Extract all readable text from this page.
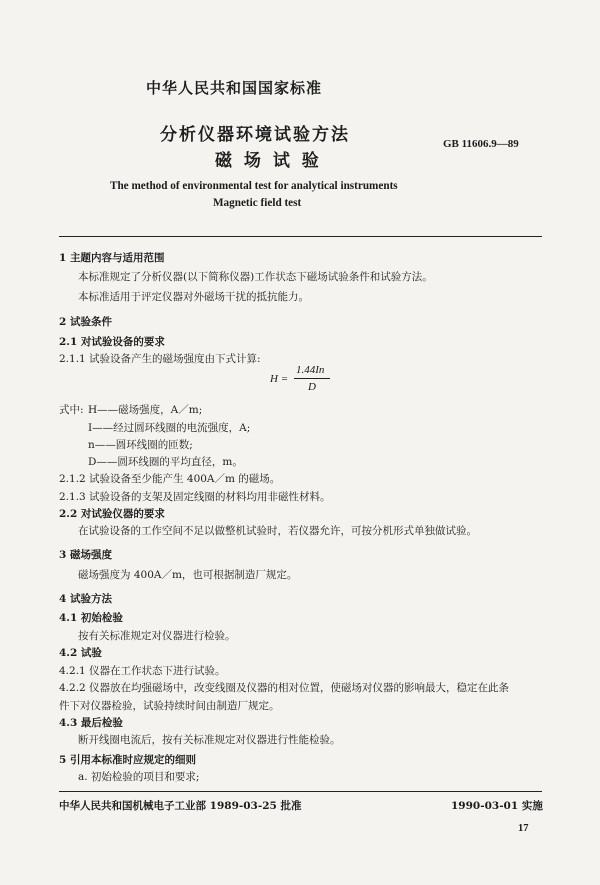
中华人民共和国国家标准
分析仪器环境试验方法
磁 场 试 验
GB 11606.9—89
The method of environmental test for analytical instruments
Magnetic field test
1 主题内容与适用范围
本标准规定了分析仪器(以下简称仪器)工作状态下磁场试验条件和试验方法。
本标准适用于评定仪器对外磁场干扰的抵抗能力。
2 试验条件
2.1 对试验设备的要求
2.1.1 试验设备产生的磁场强度由下式计算:
H =
1.44In
D
式中: H——磁场强度，A／m;
I——经过圆环线圈的电流强度，A;
n——圆环线圈的匝数;
D——圆环线圈的平均直径，m。
2.1.2 试验设备至少能产生 400A／m 的磁场。
2.1.3 试验设备的支架及固定线圈的材料均用非磁性材料。
2.2 对试验仪器的要求
在试验设备的工作空间不足以做整机试验时，若仪器允许，可按分机形式单独做试验。
3 磁场强度
磁场强度为 400A／m，也可根据制造厂规定。
4 试验方法
4.1 初始检验
按有关标准规定对仪器进行检验。
4.2 试验
4.2.1 仪器在工作状态下进行试验。
4.2.2 仪器放在均强磁场中，改变线圈及仪器的相对位置，使磁场对仪器的影响最大，稳定在此条
件下对仪器检验，试验持续时间由制造厂规定。
4.3 最后检验
断开线圈电流后，按有关标准规定对仪器进行性能检验。
5 引用本标准时应规定的细则
a. 初始检验的项目和要求;
中华人民共和国机械电子工业部 1989-03-25 批准	1990-03-01 实施
17
